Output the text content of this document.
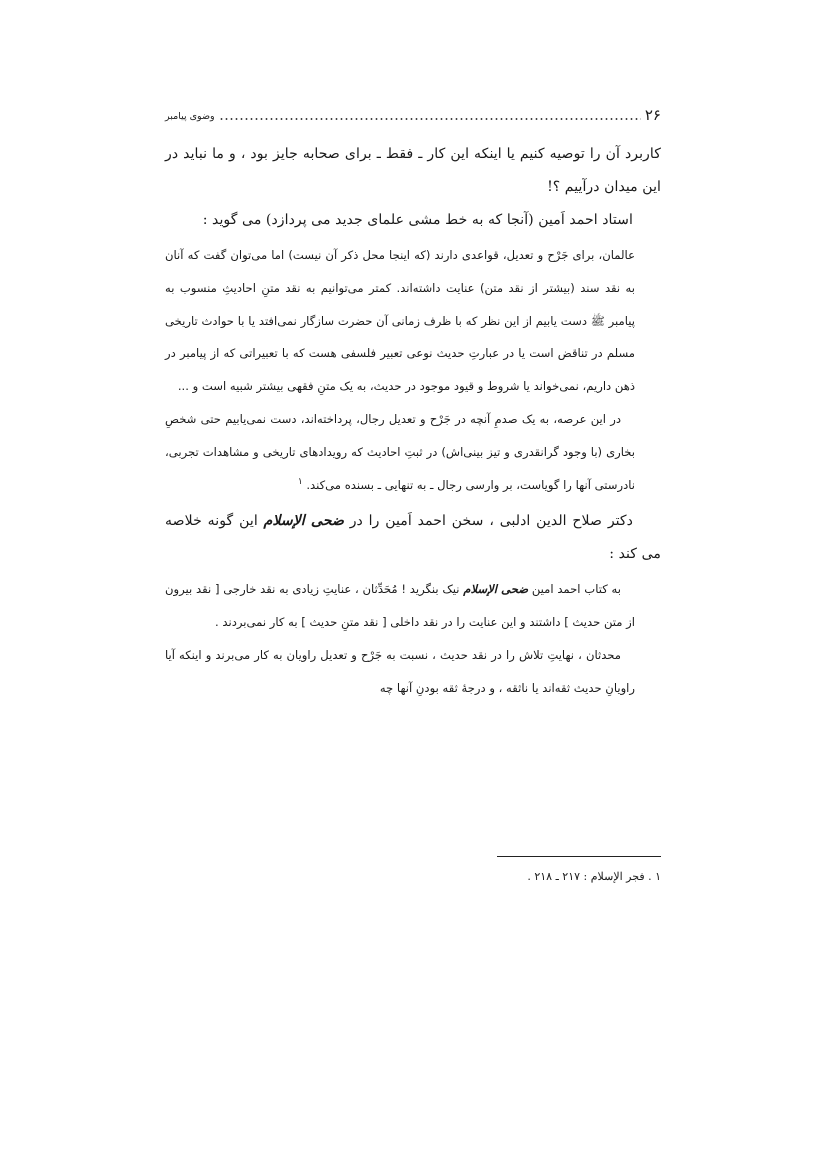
۲۶
وضوی پیامبر

کاربرد آن را توصیه کنیم یا اینکه این کار ـ فقط ـ برای صحابه جایز بود ، و ما نباید در این میدان درآییم ؟!

استاد احمد اَمین (آنجا که به خط مشی علمای جدید می پردازد) می گوید :

عالمان، برای جَرْح و تعدیل، قواعدی دارند (که اینجا محل ذکر آن نیست) اما می‌توان گفت که آنان به نقد سند (بیشتر از نقد متن) عنایت داشته‌اند. کمتر می‌توانیم به نقد متنِ احادیثِ منسوب به پیامبر ﷺ دست یابیم از این نظر که با ظرف زمانی آن حضرت سازگار نمی‌افتد یا با حوادث تاریخی مسلم در تناقض است یا در عبارتِ حدیث نوعی تعبیر فلسفی هست که با تعبیراتی که از پیامبر در ذهن داریم، نمی‌خواند یا شروط و قیود موجود در حدیث، به یک متنِ فقهی بیشتر شبیه است و ...

در این عرصه، به یک صدمِ آنچه در جَرْح و تعدیل رجال، پرداخته‌اند، دست نمی‌یابیم حتی شخصِ بخاری (با وجود گرانقدری و تیز بینی‌اش) در ثبتِ احادیث که رویدادهای تاریخی و مشاهدات تجربی، نادرستی آنها را گویاست، بر وارسی رجال ـ به تنهایی ـ بسنده می‌کند. $^۱$

دکتر صلاح الدین ادلبی ، سخن احمد اَمین را در ضحی الإسلام این گونه خلاصه می کند :

به کتاب احمد امین ضحی الإسلام نیک بنگرید ! مُحَدِّثان ، عنایتِ زیادی به نقد خارجی [ نقد بیرون از متن حدیث ] داشتند و این عنایت را در نقد داخلی [ نقد متنِ حدیث ] به کار نمی‌بردند .

محدثان ، نهایتِ تلاش را در نقد حدیث ، نسبت به جَرْح و تعدیل راویان به کار می‌برند و اینکه آیا راویانِ حدیث ثقه‌اند یا ناثقه ، و درجهٔ ثقه بودنِ آنها چه

۱ . فجر الإسلام : ۲۱۷ ـ ۲۱۸ .
